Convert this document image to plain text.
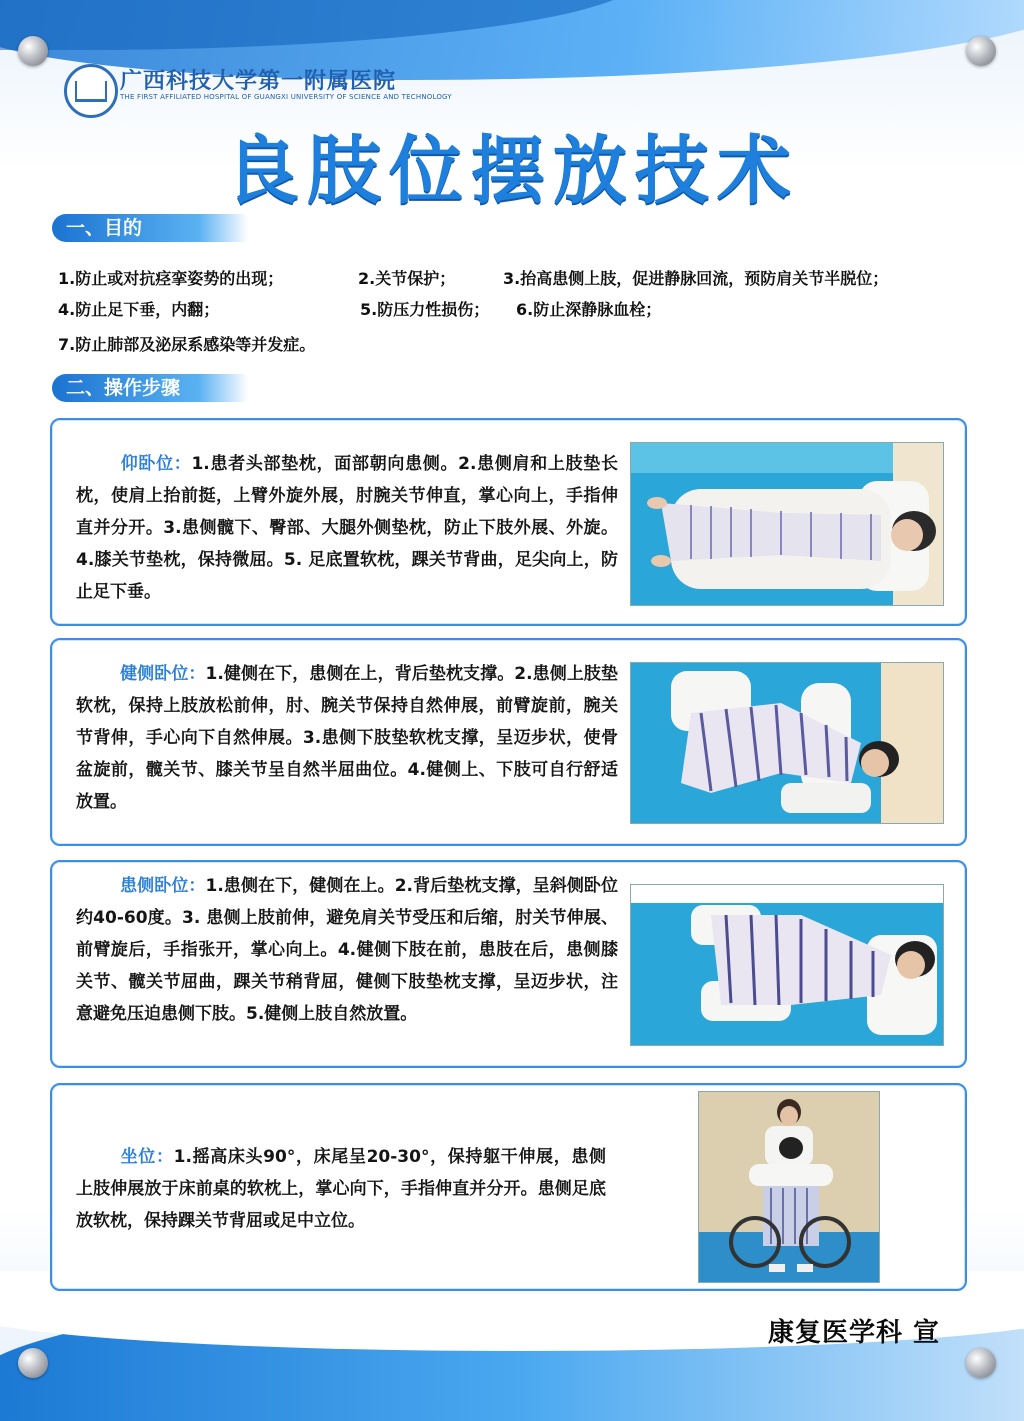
广西科技大学第一附属医院
THE FIRST AFFILIATED HOSPITAL OF GUANGXI UNIVERSITY OF SCIENCE AND TECHNOLOGY
良肢位摆放技术
一、目的
1.防止或对抗痉挛姿势的出现；	2.关节保护；	3.抬高患侧上肢，促进静脉回流，预防肩关节半脱位；
4.防止足下垂，内翻；	5.防压力性损伤； 6.防止深静脉血栓；
7.防止肺部及泌尿系感染等并发症。
二、操作步骤
仰卧位：1.患者头部垫枕，面部朝向患侧。2.患侧肩和上肢垫长枕，使肩上抬前挺，上臂外旋外展，肘腕关节伸直，掌心向上，手指伸直并分开。3.患侧髋下、臀部、大腿外侧垫枕，防止下肢外展、外旋。4.膝关节垫枕，保持微屈。5. 足底置软枕，踝关节背曲，足尖向上，防止足下垂。
健侧卧位：1.健侧在下，患侧在上，背后垫枕支撑。2.患侧上肢垫软枕，保持上肢放松前伸，肘、腕关节保持自然伸展，前臂旋前，腕关节背伸，手心向下自然伸展。3.患侧下肢垫软枕支撑，呈迈步状，使骨盆旋前，髋关节、膝关节呈自然半屈曲位。4.健侧上、下肢可自行舒适放置。
患侧卧位：1.患侧在下，健侧在上。2.背后垫枕支撑，呈斜侧卧位约40-60度。3. 患侧上肢前伸，避免肩关节受压和后缩，肘关节伸展、前臂旋后，手指张开，掌心向上。4.健侧下肢在前，患肢在后，患侧膝关节、髋关节屈曲，踝关节稍背屈，健侧下肢垫枕支撑，呈迈步状，注意避免压迫患侧下肢。5.健侧上肢自然放置。
坐位：1.摇高床头90°，床尾呈20-30°，保持躯干伸展，患侧上肢伸展放于床前桌的软枕上，掌心向下，手指伸直并分开。患侧足底放软枕，保持踝关节背屈或足中立位。
康复医学科 宣
